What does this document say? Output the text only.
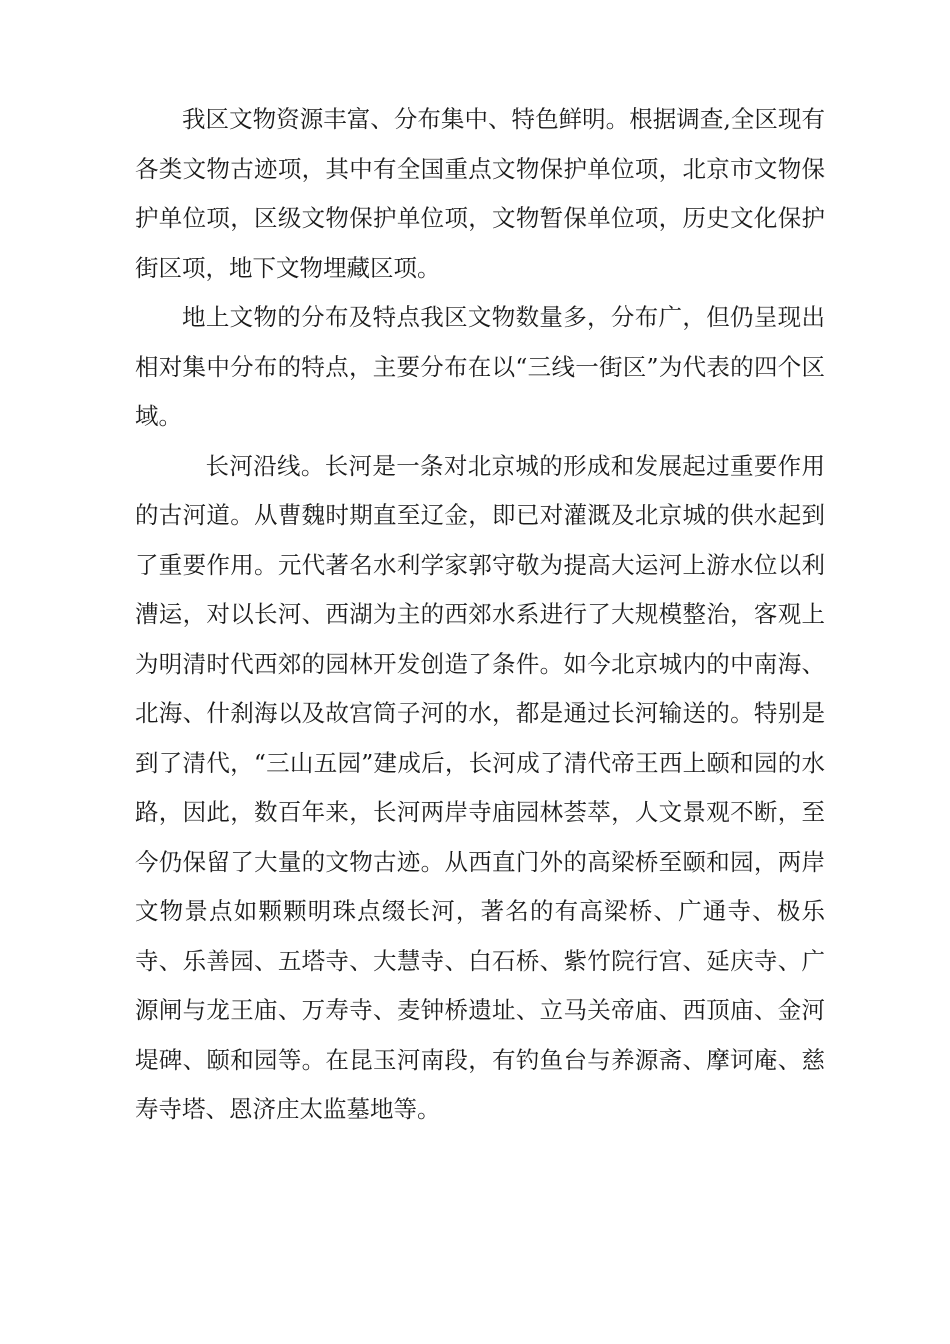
我区文物资源丰富、分布集中、特色鲜明。根据调查,全区现有各类文物古迹项，其中有全国重点文物保护单位项，北京市文物保护单位项，区级文物保护单位项，文物暂保单位项，历史文化保护街区项，地下文物埋藏区项。

地上文物的分布及特点我区文物数量多，分布广，但仍呈现出相对集中分布的特点，主要分布在以“三线一街区”为代表的四个区域。

长河沿线。长河是一条对北京城的形成和发展起过重要作用的古河道。从曹魏时期直至辽金，即已对灌溉及北京城的供水起到了重要作用。元代著名水利学家郭守敬为提高大运河上游水位以利漕运，对以长河、西湖为主的西郊水系进行了大规模整治，客观上为明清时代西郊的园林开发创造了条件。如今北京城内的中南海、北海、什刹海以及故宫筒子河的水，都是通过长河输送的。特别是到了清代，“三山五园”建成后，长河成了清代帝王西上颐和园的水路，因此，数百年来，长河两岸寺庙园林荟萃，人文景观不断，至今仍保留了大量的文物古迹。从西直门外的高梁桥至颐和园，两岸文物景点如颗颗明珠点缀长河，著名的有高梁桥、广通寺、极乐寺、乐善园、五塔寺、大慧寺、白石桥、紫竹院行宫、延庆寺、广源闸与龙王庙、万寿寺、麦钟桥遗址、立马关帝庙、西顶庙、金河堤碑、颐和园等。在昆玉河南段，有钓鱼台与养源斋、摩诃庵、慈寿寺塔、恩济庄太监墓地等。
